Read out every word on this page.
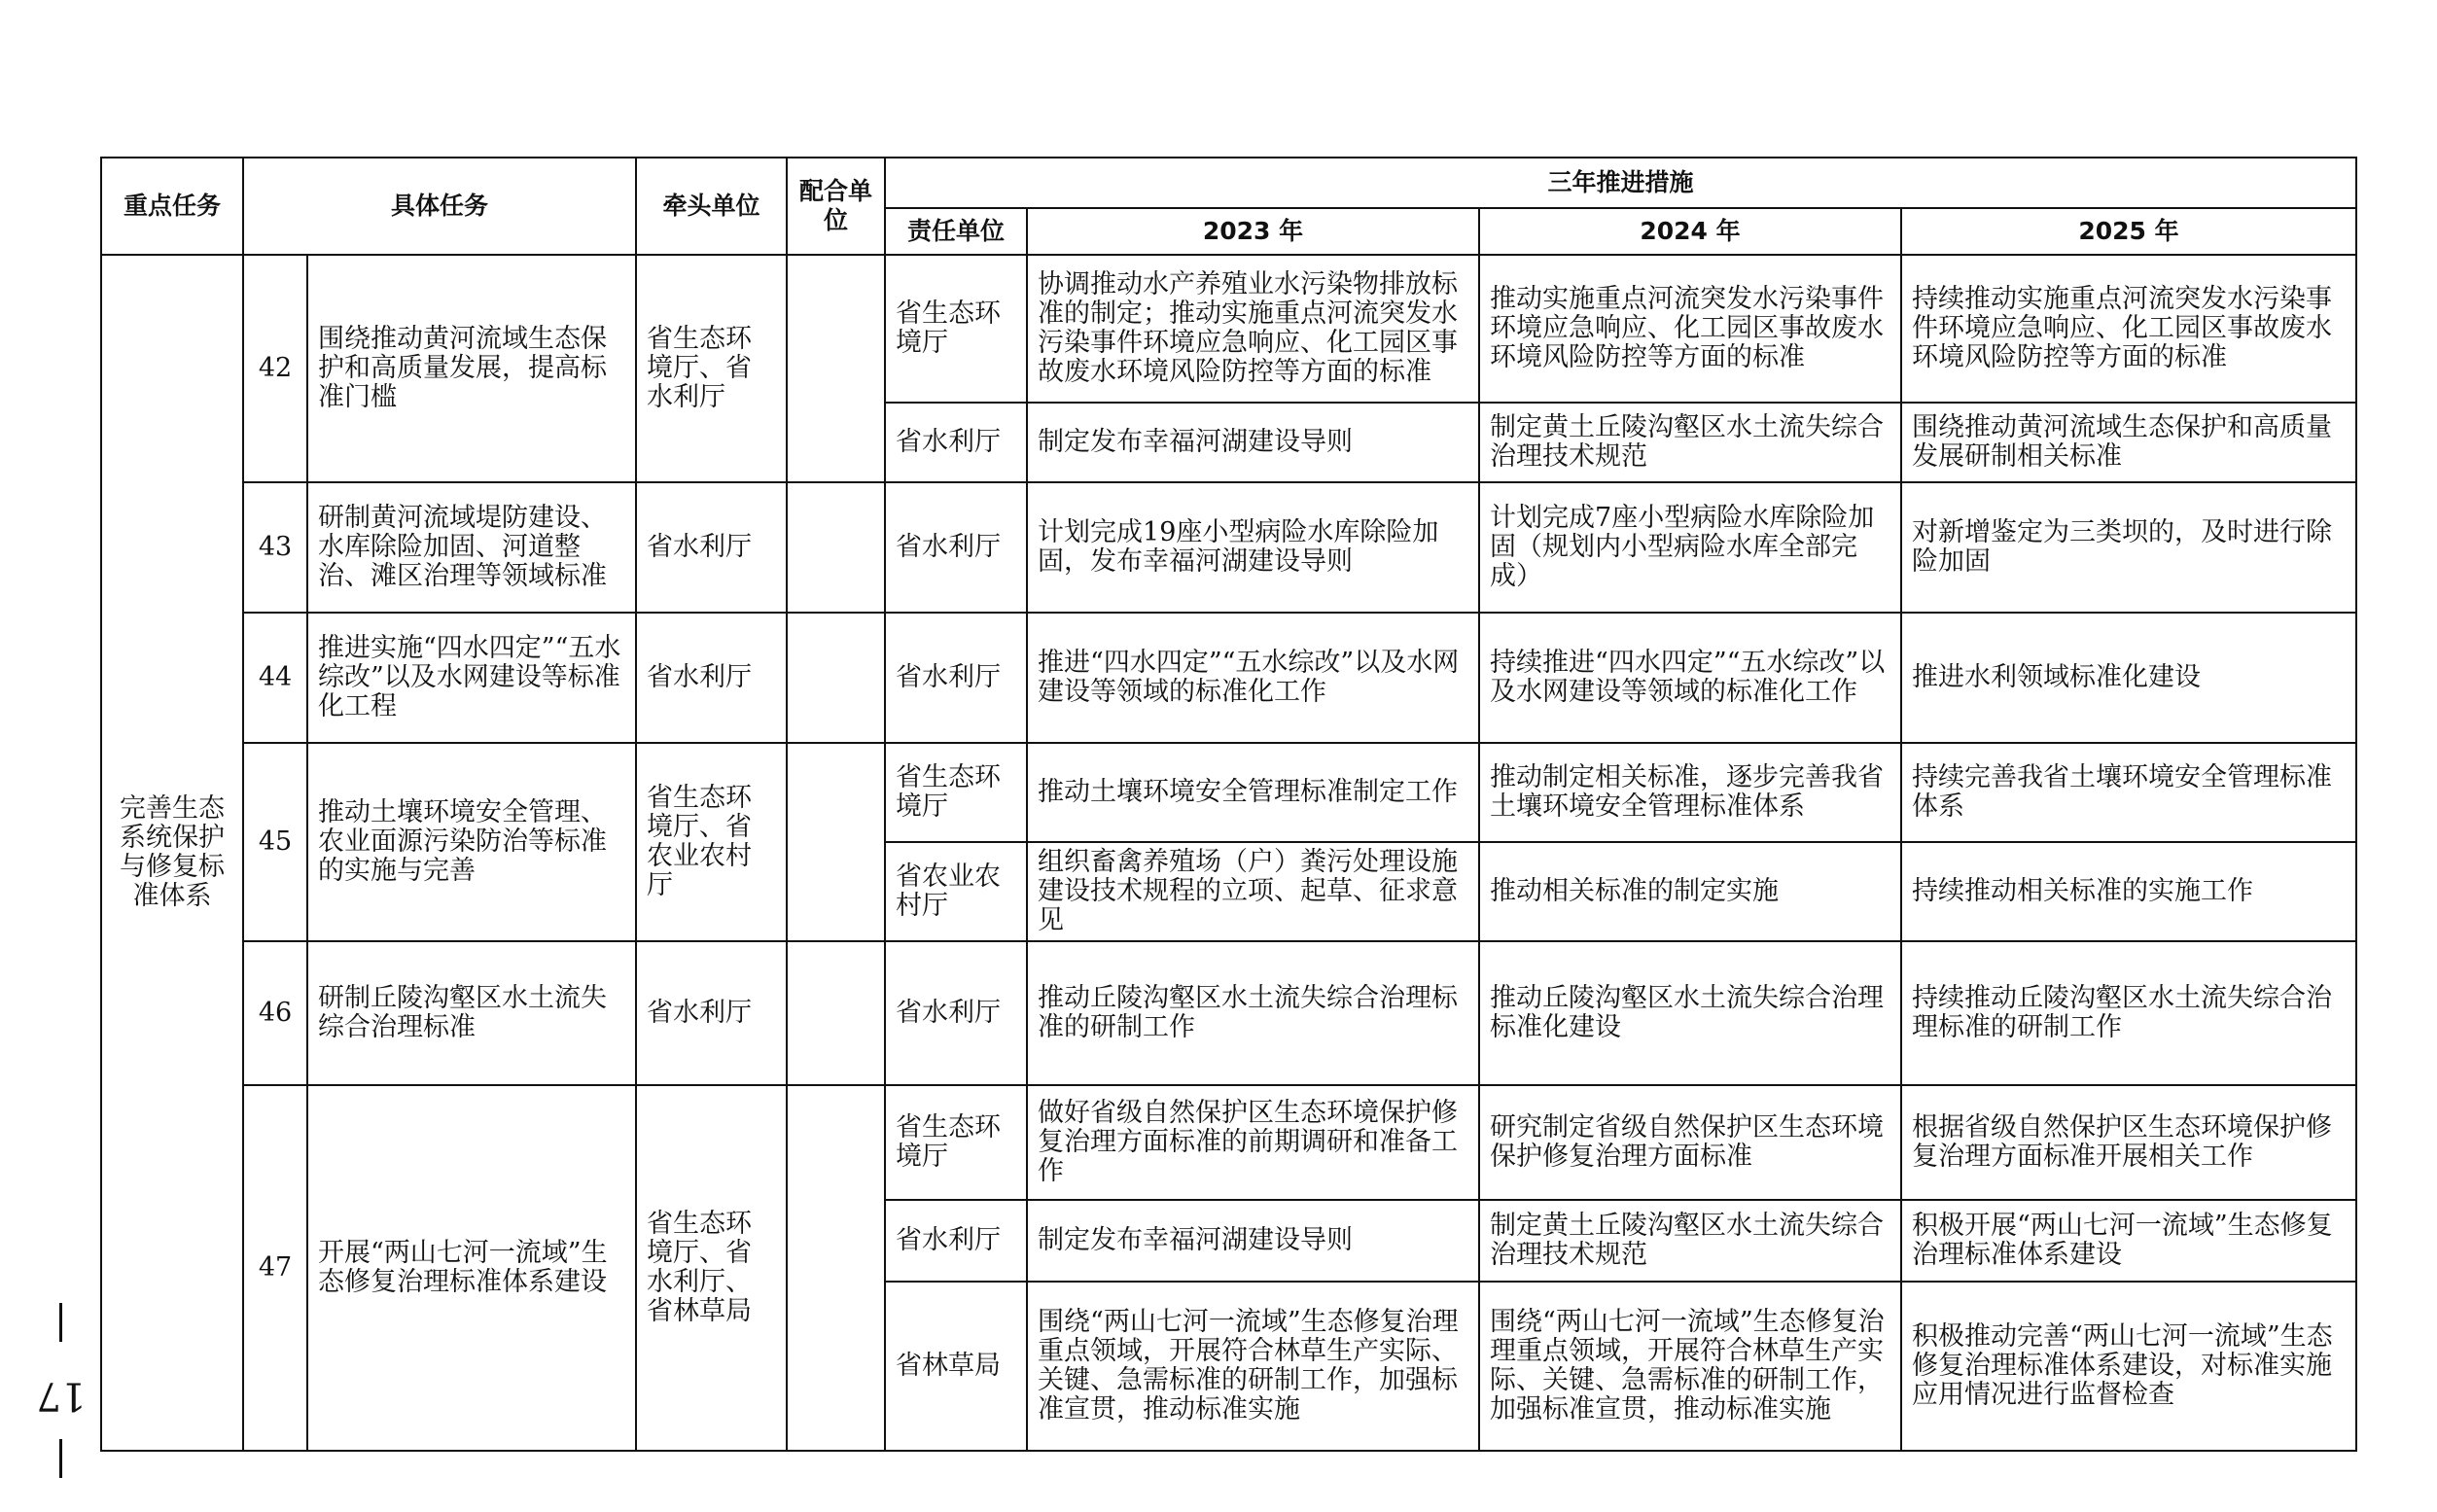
17
重点任务	具体任务		牵头单位	配合单位	三年推进措施			
					责任单位	2023 年	2024 年	2025 年
完善生态系统保护与修复标准体系	42	围绕推动黄河流域生态保护和高质量发展，提高标准门槛	省生态环境厅、省水利厅		省生态环境厅	协调推动水产养殖业水污染物排放标准的制定；推动实施重点河流突发水污染事件环境应急响应、化工园区事故废水环境风险防控等方面的标准	推动实施重点河流突发水污染事件环境应急响应、化工园区事故废水环境风险防控等方面的标准	持续推动实施重点河流突发水污染事件环境应急响应、化工园区事故废水环境风险防控等方面的标准
					省水利厅	制定发布幸福河湖建设导则	制定黄土丘陵沟壑区水土流失综合治理技术规范	围绕推动黄河流域生态保护和高质量发展研制相关标准
	43	研制黄河流域堤防建设、水库除险加固、河道整治、滩区治理等领域标准	省水利厅		省水利厅	计划完成19座小型病险水库除险加固，发布幸福河湖建设导则	计划完成7座小型病险水库除险加固（规划内小型病险水库全部完成）	对新增鉴定为三类坝的，及时进行除险加固
	44	推进实施“四水四定”“五水综改”以及水网建设等标准化工程	省水利厅		省水利厅	推进“四水四定”“五水综改”以及水网建设等领域的标准化工作	持续推进“四水四定”“五水综改”以及水网建设等领域的标准化工作	推进水利领域标准化建设
	45	推动土壤环境安全管理、农业面源污染防治等标准的实施与完善	省生态环境厅、省农业农村厅		省生态环境厅	推动土壤环境安全管理标准制定工作	推动制定相关标准，逐步完善我省土壤环境安全管理标准体系	持续完善我省土壤环境安全管理标准体系
					省农业农村厅	组织畜禽养殖场（户）粪污处理设施建设技术规程的立项、起草、征求意见	推动相关标准的制定实施	持续推动相关标准的实施工作
	46	研制丘陵沟壑区水土流失综合治理标准	省水利厅		省水利厅	推动丘陵沟壑区水土流失综合治理标准的研制工作	推动丘陵沟壑区水土流失综合治理标准化建设	持续推动丘陵沟壑区水土流失综合治理标准的研制工作
	47	开展“两山七河一流域”生态修复治理标准体系建设	省生态环境厅、省水利厅、省林草局		省生态环境厅	做好省级自然保护区生态环境保护修复治理方面标准的前期调研和准备工作	研究制定省级自然保护区生态环境保护修复治理方面标准	根据省级自然保护区生态环境保护修复治理方面标准开展相关工作
					省水利厅	制定发布幸福河湖建设导则	制定黄土丘陵沟壑区水土流失综合治理技术规范	积极开展“两山七河一流域”生态修复治理标准体系建设
					省林草局	围绕“两山七河一流域”生态修复治理重点领域，开展符合林草生产实际、关键、急需标准的研制工作，加强标准宣贯，推动标准实施	围绕“两山七河一流域”生态修复治理重点领域，开展符合林草生产实际、关键、急需标准的研制工作，加强标准宣贯，推动标准实施	积极推动完善“两山七河一流域”生态修复治理标准体系建设，对标准实施应用情况进行监督检查
